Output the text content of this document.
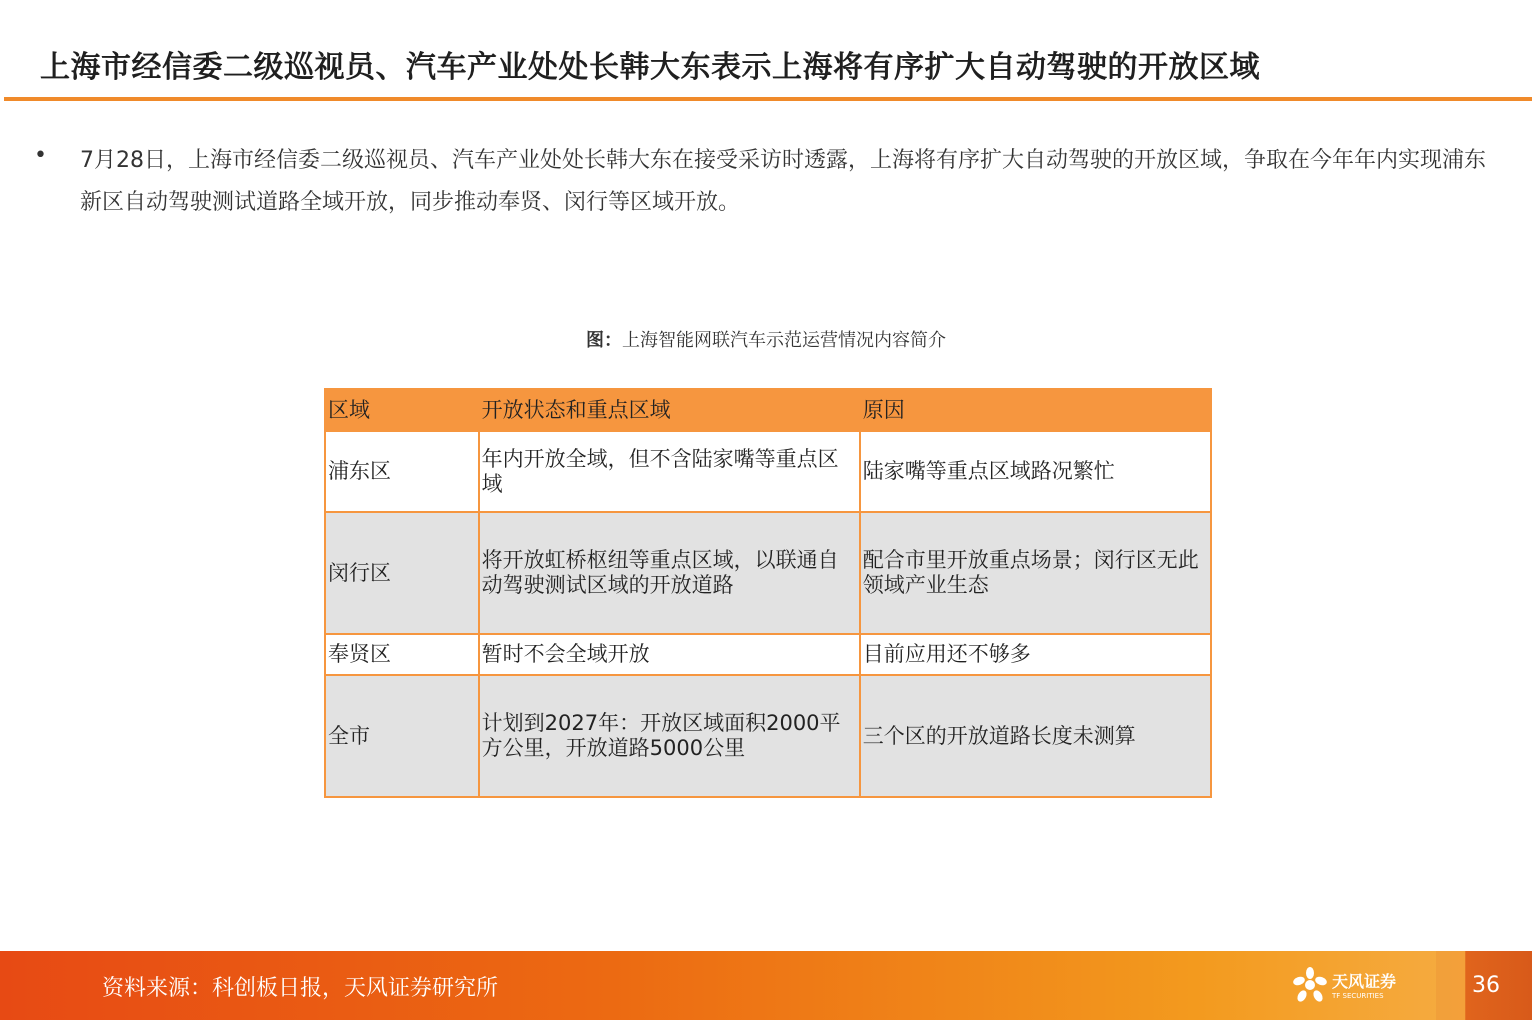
上海市经信委二级巡视员、汽车产业处处长韩大东表示上海将有序扩大自动驾驶的开放区域
• 7月28日，上海市经信委二级巡视员、汽车产业处处长韩大东在接受采访时透露，上海将有序扩大自动驾驶的开放区域，争取在今年年内实现浦东新区自动驾驶测试道路全域开放，同步推动奉贤、闵行等区域开放。

图：上海智能网联汽车示范运营情况内容简介
区域	开放状态和重点区域	原因
浦东区	年内开放全域，但不含陆家嘴等重点区域	陆家嘴等重点区域路况繁忙
闵行区	将开放虹桥枢纽等重点区域，以联通自动驾驶测试区域的开放道路	配合市里开放重点场景；闵行区无此领域产业生态
奉贤区	暂时不会全域开放	目前应用还不够多
全市	计划到2027年：开放区域面积2000平方公里，开放道路5000公里	三个区的开放道路长度未测算
资料来源：科创板日报，天风证券研究所	天风证券
TF SECURITIES	36
